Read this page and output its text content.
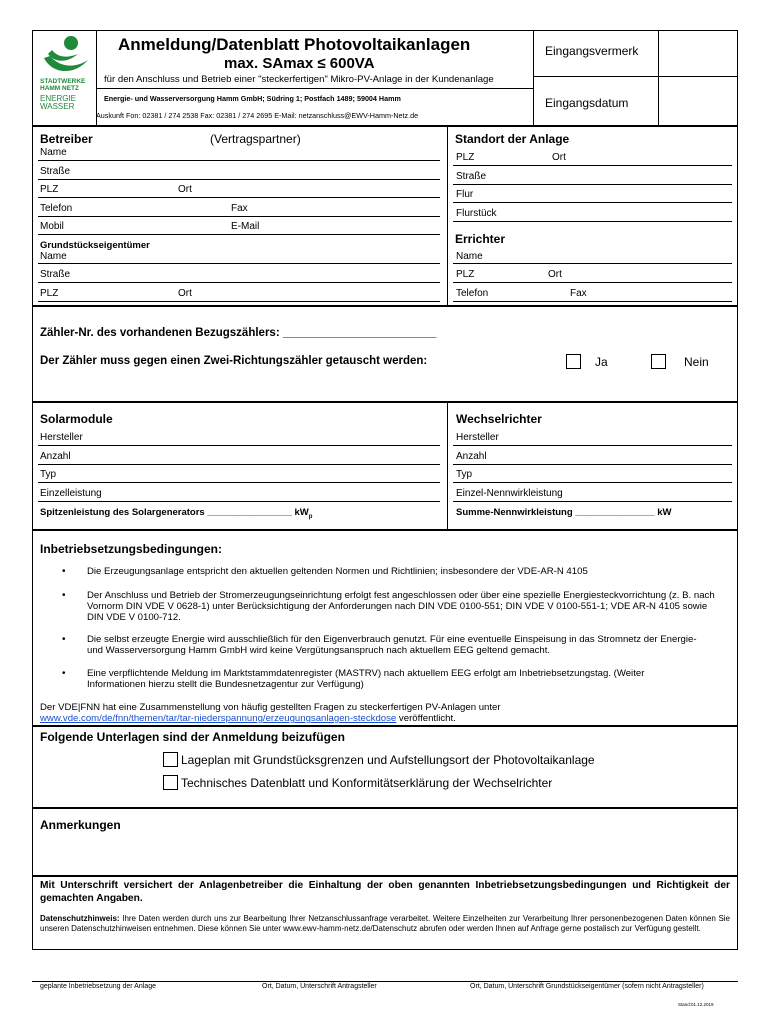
STADTWERKE
HAMM NETZ
ENERGIE
WASSER
Anmeldung/Datenblatt Photovoltaikanlagen
max. SAmax ≤ 600VA
für den Anschluss und Betrieb einer "steckerfertigen" Mikro-PV-Anlage in der Kundenanlage
Energie- und Wasserversorgung Hamm GmbH; Südring 1; Postfach 1489; 59004 Hamm
Auskunft Fon: 02381 / 274 2538 Fax: 02381 / 274 2695 E-Mail: netzanschluss@EWV-Hamm-Netz.de
Eingangsvermerk
Eingangsdatum
Betreiber	(Vertragspartner)
Name
Straße
PLZ	Ort
Telefon	Fax
Mobil	E-Mail
Grundstückseigentümer
Name
Straße
PLZ	Ort
Standort der Anlage
PLZ	Ort
Straße
Flur
Flurstück
Errichter
Name
PLZ	Ort
Telefon	Fax
Zähler-Nr. des vorhandenen Bezugszählers: ________________________
Der Zähler muss gegen einen Zwei-Richtungszähler getauscht werden:	Ja	Nein
Solarmodule
Hersteller
Anzahl
Typ
Einzelleistung
Spitzenleistung des Solargenerators ________________ $kW_p$
Wechselrichter
Hersteller
Anzahl
Typ
Einzel-Nennwirkleistung
Summe-Nennwirkleistung _______________ kW
Inbetriebsetzungsbedingungen:
• Die Erzeugungsanlage entspricht den aktuellen geltenden Normen und Richtlinien; insbesondere der VDE-AR-N 4105
• Der Anschluss und Betrieb der Stromerzeugungseinrichtung erfolgt fest angeschlossen oder über eine spezielle Energiesteckvorrichtung (z. B. nach Vornorm DIN VDE V 0628-1) unter Berücksichtigung der Anforderungen nach DIN VDE 0100-551; DIN VDE V 0100-551-1; VDE AR-N 4105 sowie DIN VDE V 0100-712.
• Die selbst erzeugte Energie wird ausschließlich für den Eigenverbrauch genutzt. Für eine eventuelle Einspeisung in das Stromnetz der Energie- und Wasserversorgung Hamm GmbH wird keine Vergütungsanspruch nach aktuellem EEG geltend gemacht.
• Eine verpflichtende Meldung im Marktstammdatenregister (MASTRV) nach aktuellem EEG erfolgt am Inbetriebsetzungstag. (Weiter Informationen hierzu stellt die Bundesnetzagentur zur Verfügung)
Der VDE|FNN hat eine Zusammenstellung von häufig gestellten Fragen zu steckerfertigen PV-Anlagen unter
www.vde.com/de/fnn/themen/tar/tar-niederspannung/erzeugungsanlagen-steckdose veröffentlicht.
Folgende Unterlagen sind der Anmeldung beizufügen
Lageplan mit Grundstücksgrenzen und Aufstellungsort der Photovoltaikanlage
Technisches Datenblatt und Konformitätserklärung der Wechselrichter
Anmerkungen
Mit Unterschrift versichert der Anlagenbetreiber die Einhaltung der oben genannten Inbetriebsetzungsbedingungen und Richtigkeit der gemachten Angaben.
Datenschutzhinweis: Ihre Daten werden durch uns zur Bearbeitung Ihrer Netzanschlussanfrage verarbeitet. Weitere Einzelheiten zur Verarbeitung Ihrer personenbezogenen Daten können Sie unseren Datenschutzhinweisen entnehmen. Diese können Sie unter www.ewv-hamm-netz.de/Datenschutz abrufen oder werden Ihnen auf Anfrage gerne postalisch zur Verfügung gestellt.
geplante Inbetriebsetzung der Anlage	Ort, Datum, Unterschrift Antragsteller	Ort, Datum, Unterschrift Grundstückseigentümer (sofern nicht Antragsteller)
Stand:01.12.2019
